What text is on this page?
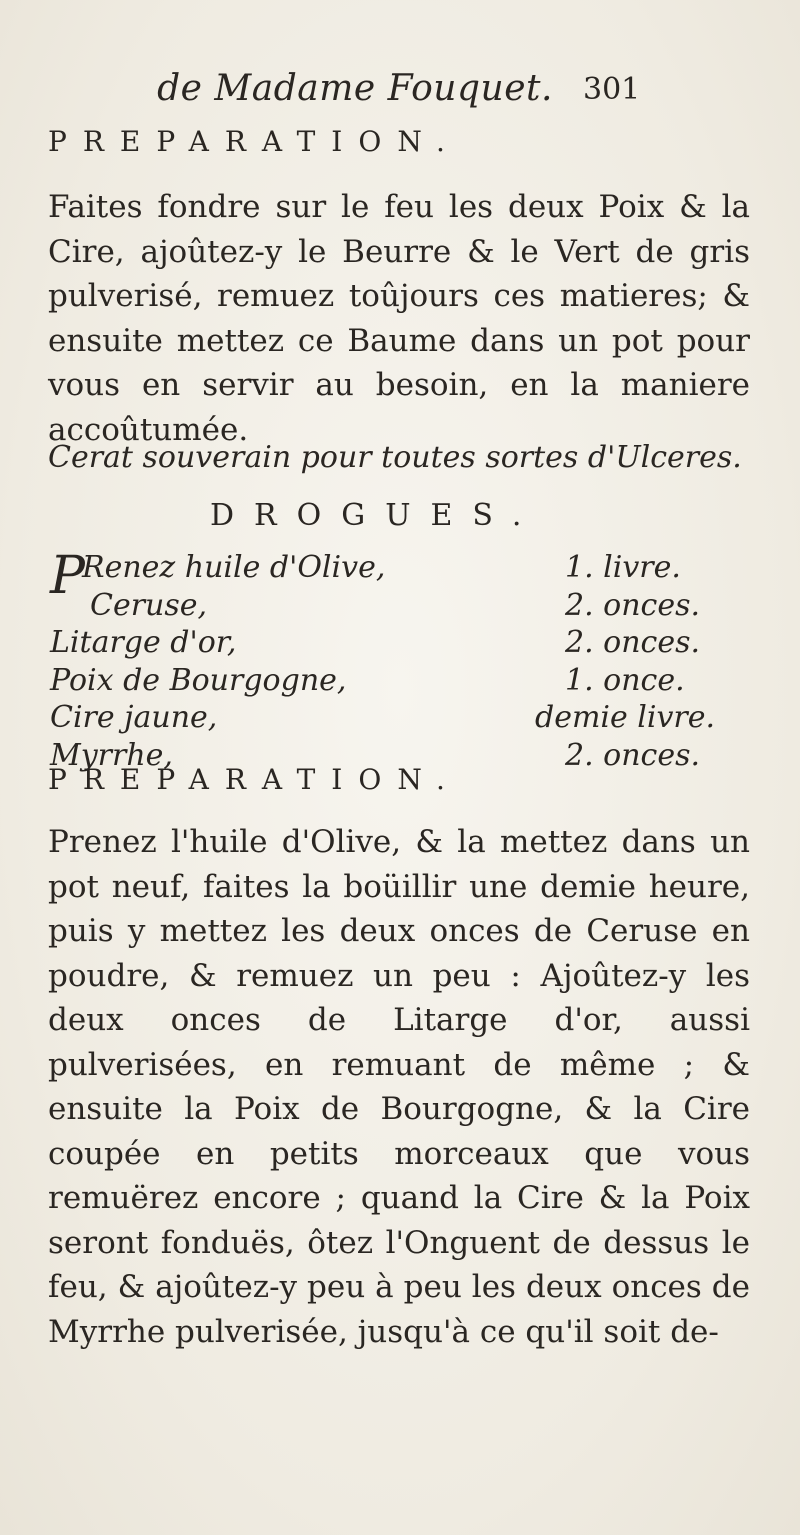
de Madame Fouquet.	301
PREPARATION.
Faites fondre sur le feu les deux Poix & la Cire, ajoûtez-y le Beurre & le Vert de gris pulverisé, remuez toûjours ces matieres; & ensuite mettez ce Baume dans un pot pour vous en servir au besoin, en la maniere accoûtumée.
Cerat souverain pour toutes sortes d'Ulceres.
DROGUES.
P
Renez huile d'Olive,	1. livre.
Ceruse,	2. onces.
Litarge d'or,	2. onces.
Poix de Bourgogne,	1. once.
Cire jaune,	demie livre.
Myrrhe,	2. onces.
PREPARATION.
Prenez l'huile d'Olive, & la mettez dans un pot neuf, faites la boüillir une demie heure, puis y mettez les deux onces de Ceruse en poudre, & remuez un peu : Ajoûtez-y les deux onces de Litarge d'or, aussi pulverisées, en remuant de même ; & ensuite la Poix de Bourgogne, & la Cire coupée en petits morceaux que vous remuërez encore ; quand la Cire & la Poix seront fonduës, ôtez l'Onguent de dessus le feu, & ajoûtez-y peu à peu les deux onces de Myrrhe pulverisée, jusqu'à ce qu'il soit de-
